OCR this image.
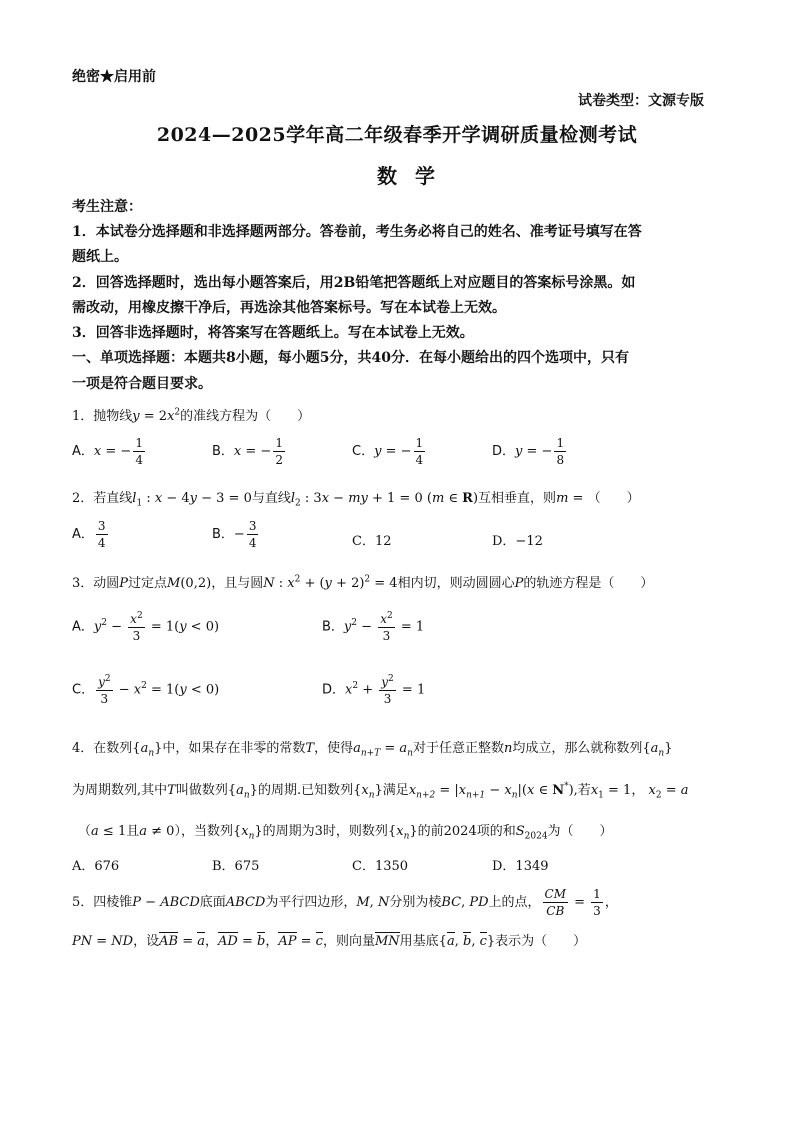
绝密★启用前
试卷类型：文源专版
2024—2025学年高二年级春季开学调研质量检测考试
数学
考生注意：
1．本试卷分选择题和非选择题两部分。答卷前，考生务必将自己的姓名、准考证号填写在答
题纸上。
2．回答选择题时，选出每小题答案后，用2B铅笔把答题纸上对应题目的答案标号涂黑。如
需改动，用橡皮擦干净后，再选涂其他答案标号。写在本试卷上无效。
3．回答非选择题时，将答案写在答题纸上。写在本试卷上无效。
一、单项选择题：本题共8小题，每小题5分，共40分．在每小题给出的四个选项中，只有
一项是符合题目要求。
1．抛物线$y = 2x^2$的准线方程为（　　）
A．x = − $\frac{1}{4}$	B．x = − $\frac{1}{2}$	C．y = − $\frac{1}{4}$	D．y = − $\frac{1}{8}$
2．若直线$l_1$ : x − 4y − 3 = 0与直线$l_2$ : 3x − my + 1 = 0 (m ∈ R)互相垂直，则m = （　　）
A． $\frac{3}{4}$	B．− $\frac{3}{4}$	C．12	D．−12
3．动圆P过定点M(0,2)，且与圆N : $x^2 + (y + 2)^2 = 4$相内切，则动圆圆心P的轨迹方程是（　　）
A．$y^2 - \frac{x^2}{3} = 1(y < 0)$	B．$y^2 - \frac{x^2}{3} = 1$
C． $\frac{y^2}{3} - x^2 = 1(y < 0)$	D．$x^2 + \frac{y^2}{3} = 1$
4．在数列$\{a_n\}$中，如果存在非零的常数T，使得$a_{n+T} = a_n$对于任意正整数n均成立，那么就称数列$\{a_n\}$
为周期数列,其中T叫做数列$\{a_n\}$的周期.已知数列$\{x_n\}$满足$x_{n+2} = |x_{n+1} - x_n|(x$ ∈ N*),若$x_1 = 1$， $x_2 = a$
（a ≤ 1且a ≠ 0），当数列$\{x_n\}$的周期为3时，则数列$\{x_n\}$的前2024项的和$S_{2024}$为（　　）
A．676	B．675	C．1350	D．1349
5．四棱锥P − ABCD底面ABCD为平行四边形，M, N分别为棱BC, PD上的点， $\frac{CM}{CB} = \frac{1}{3}$ ，
PN = ND，设AB = a，AD = b，AP = c，则向量MN用基底{a, b, c}表示为（　　）
